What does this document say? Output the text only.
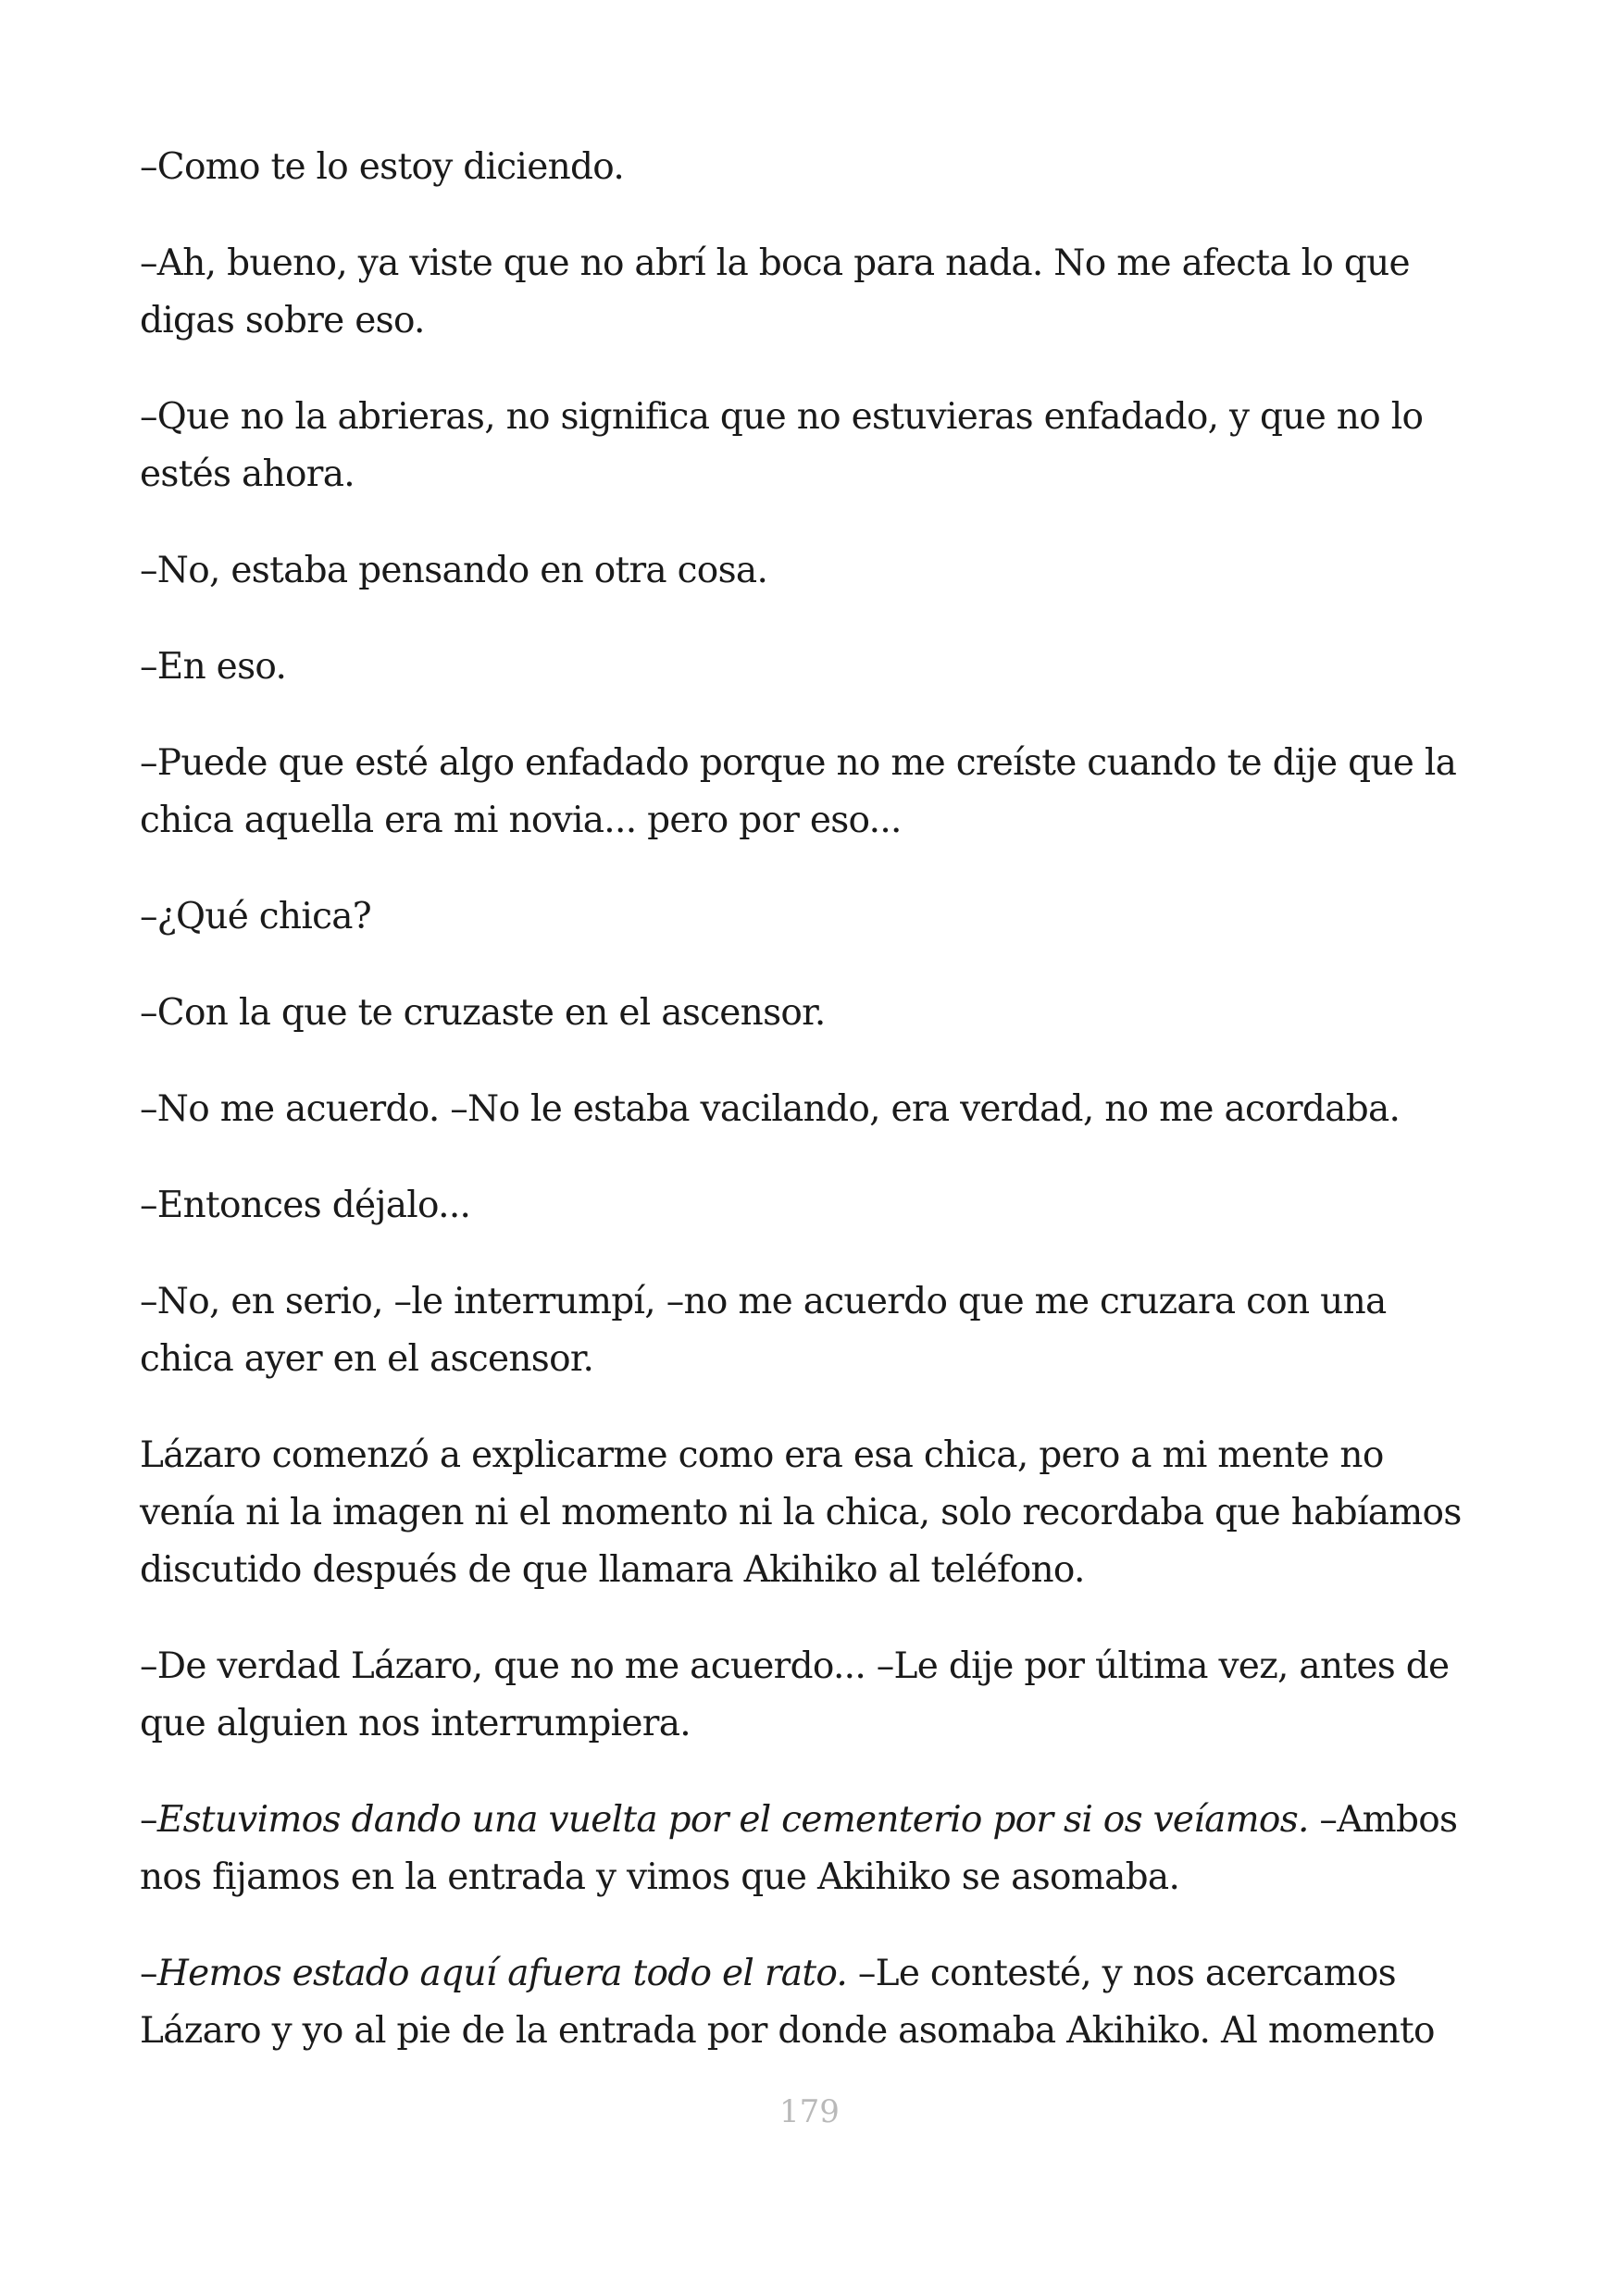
–Como te lo estoy diciendo.

–Ah, bueno, ya viste que no abrí la boca para nada. No me afecta lo que
digas sobre eso.

–Que no la abrieras, no significa que no estuvieras enfadado, y que no lo
estés ahora.

–No, estaba pensando en otra cosa.

–En eso.

–Puede que esté algo enfadado porque no me creíste cuando te dije que la
chica aquella era mi novia... pero por eso...

–¿Qué chica?

–Con la que te cruzaste en el ascensor.

–No me acuerdo. –No le estaba vacilando, era verdad, no me acordaba.

–Entonces déjalo...

–No, en serio, –le interrumpí, –no me acuerdo que me cruzara con una
chica ayer en el ascensor.

Lázaro comenzó a explicarme como era esa chica, pero a mi mente no
venía ni la imagen ni el momento ni la chica, solo recordaba que habíamos
discutido después de que llamara Akihiko al teléfono.

–De verdad Lázaro, que no me acuerdo... –Le dije por última vez, antes de
que alguien nos interrumpiera.

–Estuvimos dando una vuelta por el cementerio por si os veíamos. –Ambos
nos fijamos en la entrada y vimos que Akihiko se asomaba.

–Hemos estado aquí afuera todo el rato. –Le contesté, y nos acercamos
Lázaro y yo al pie de la entrada por donde asomaba Akihiko. Al momento

179
